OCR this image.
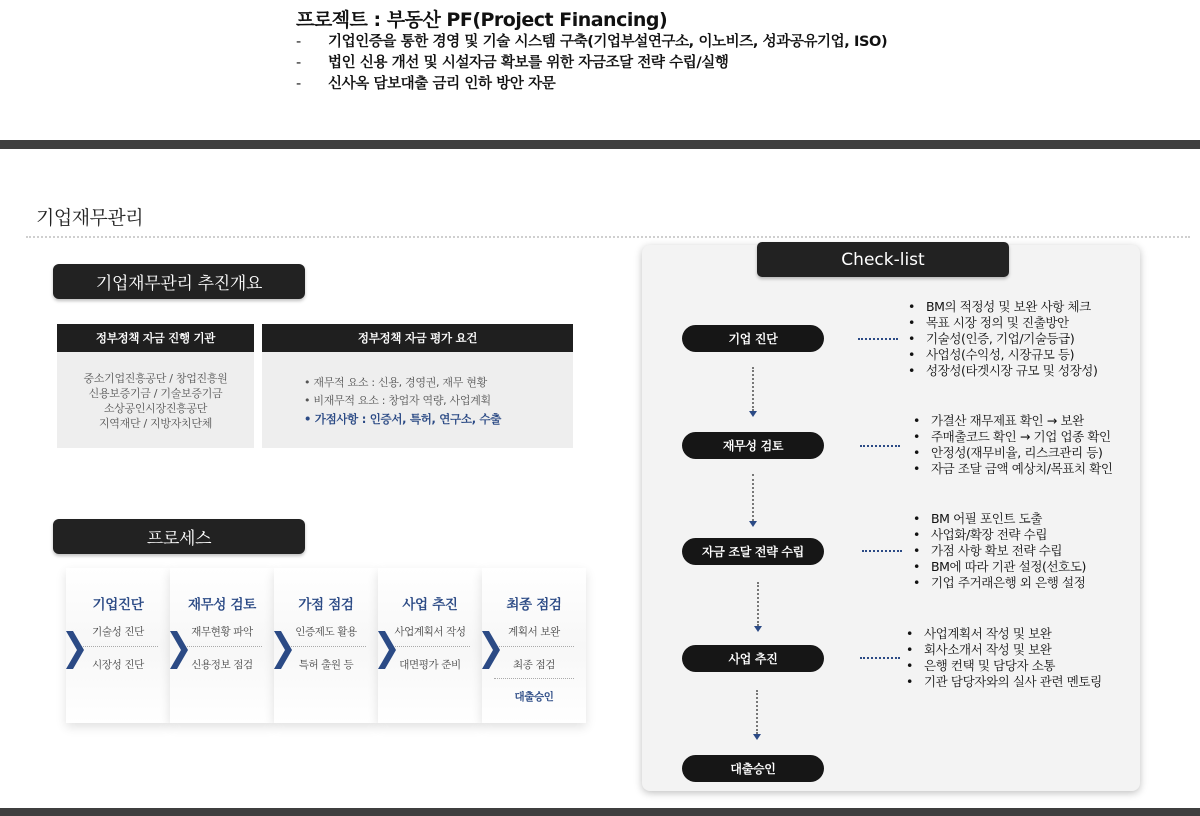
프로젝트 : 부동산 PF(Project Financing)
- 기업인증을 통한 경영 및 기술 시스템 구축(기업부설연구소, 이노비즈, 성과공유기업, ISO)
- 법인 신용 개선 및 시설자금 확보를 위한 자금조달 전략 수립/실행
- 신사옥 담보대출 금리 인하 방안 자문
기업재무관리
기업재무관리 추진개요
정부정책 자금 진행 기관
중소기업진흥공단 / 창업진흥원
신용보증기금 / 기술보증기금
소상공인시장진흥공단
지역재단 / 지방자치단체
정부정책 자금 평가 요건
• 재무적 요소 : 신용, 경영권, 재무 현황
• 비재무적 요소 : 창업자 역량, 사업계획
• 가점사항 : 인증서, 특허, 연구소, 수출
프로세스
기업진단
기술성 진단
시장성 진단
재무성 검토
재무현황 파악
신용정보 점검
가점 점검
인증제도 활용
특허 출원 등
사업 추진
사업계획서 작성
대면평가 준비
최종 점검
계획서 보완
최종 점검
대출승인
Check-list
기업 진단
재무성 검토
자금 조달 전략 수립
사업 추진
대출승인
• BM의 적정성 및 보완 사항 체크
• 목표 시장 정의 및 진출방안
• 기술성(인증, 기업/기술등급)
• 사업성(수익성, 시장규모 등)
• 성장성(타겟시장 규모 및 성장성)
• 가결산 재무제표 확인 → 보완
• 주매출코드 확인 → 기업 업종 확인
• 안정성(재무비율, 리스크관리 등)
• 자금 조달 금액 예상치/목표치 확인
• BM 어필 포인트 도출
• 사업화/확장 전략 수립
• 가점 사항 확보 전략 수립
• BM에 따라 기관 설정(선호도)
• 기업 주거래은행 외 은행 설정
• 사업계획서 작성 및 보완
• 회사소개서 작성 및 보완
• 은행 컨택 및 담당자 소통
• 기관 담당자와의 실사 관련 멘토링
